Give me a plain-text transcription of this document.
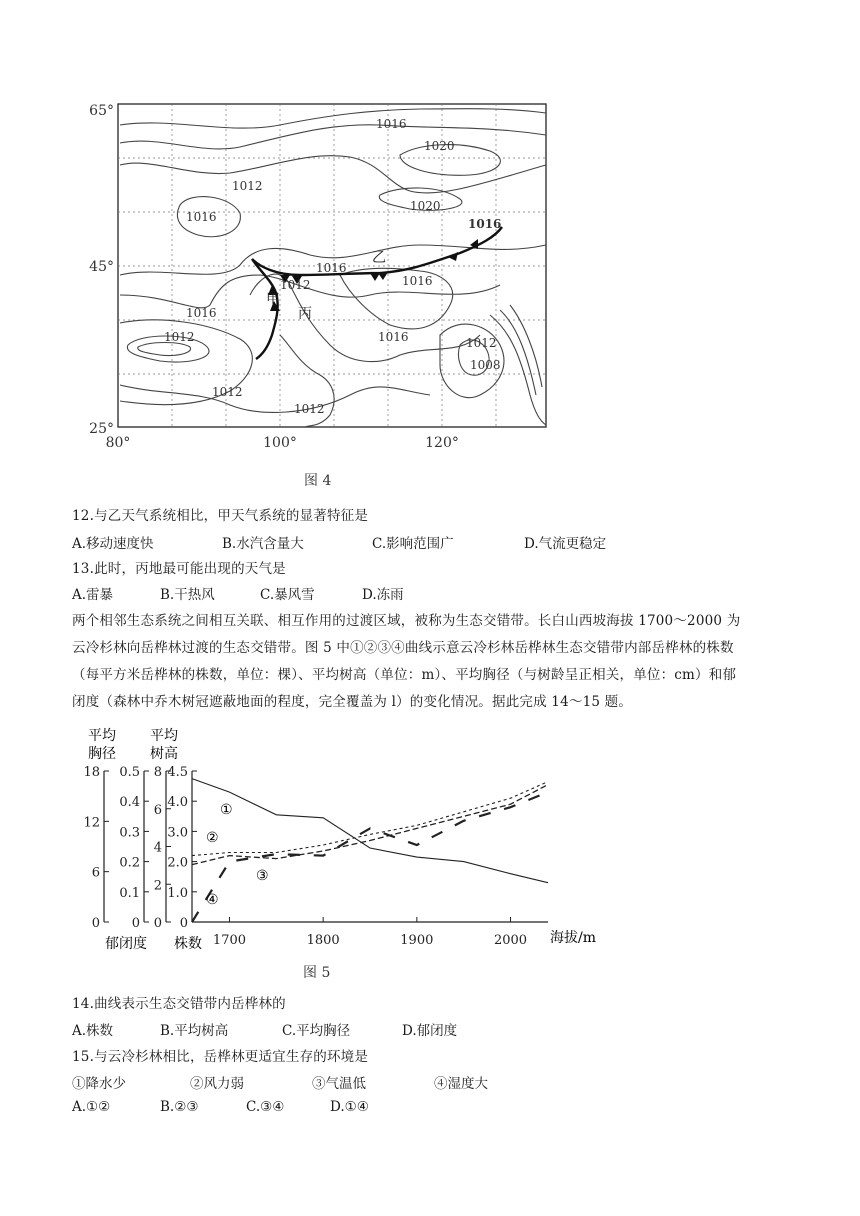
65°
45°
25°
80°	100°	120°
1016
1020
1012
1016
1020
1016
1016
1016
1012
1016
1012	1016	1012
1008
1012
1012
甲
乙
丙
图 4
12.与乙天气系统相比，甲天气系统的显著特征是
A.移动速度快	B.水汽含量大	C.影响范围广	D.气流更稳定
13.此时，丙地最可能出现的天气是
A.雷暴	B.干热风	C.暴风雪	D.冻雨
两个相邻生态系统之间相互关联、相互作用的过渡区域，被称为生态交错带。长白山西坡海拔 1700～2000 为
云冷杉林向岳桦林过渡的生态交错带。图 5 中①②③④曲线示意云冷杉林岳桦林生态交错带内部岳桦林的株数
（每平方米岳桦林的株数，单位：棵）、平均树高（单位：m）、平均胸径（与树龄呈正相关，单位：cm）和郁
闭度（森林中乔木树冠遮蔽地面的程度，完全覆盖为 l）的变化情况。据此完成 14～15 题。
平均
胸径
平均
树高
郁闭度 株数	海拔/m
18
12
6
0
0.5
0.4
0.3
0.2
0.1
0
8
6
4
2
0
4.5
4.0
3.0
2.0
1.0
0
1700	1800	1900	2000
①
②
③
④
图 5
14.曲线表示生态交错带内岳桦林的
A.株数	B.平均树高	C.平均胸径	D.郁闭度
15.与云冷杉林相比，岳桦林更适宜生存的环境是
①降水少	②风力弱	③气温低	④湿度大
A.①②	B.②③	C.③④	D.①④
